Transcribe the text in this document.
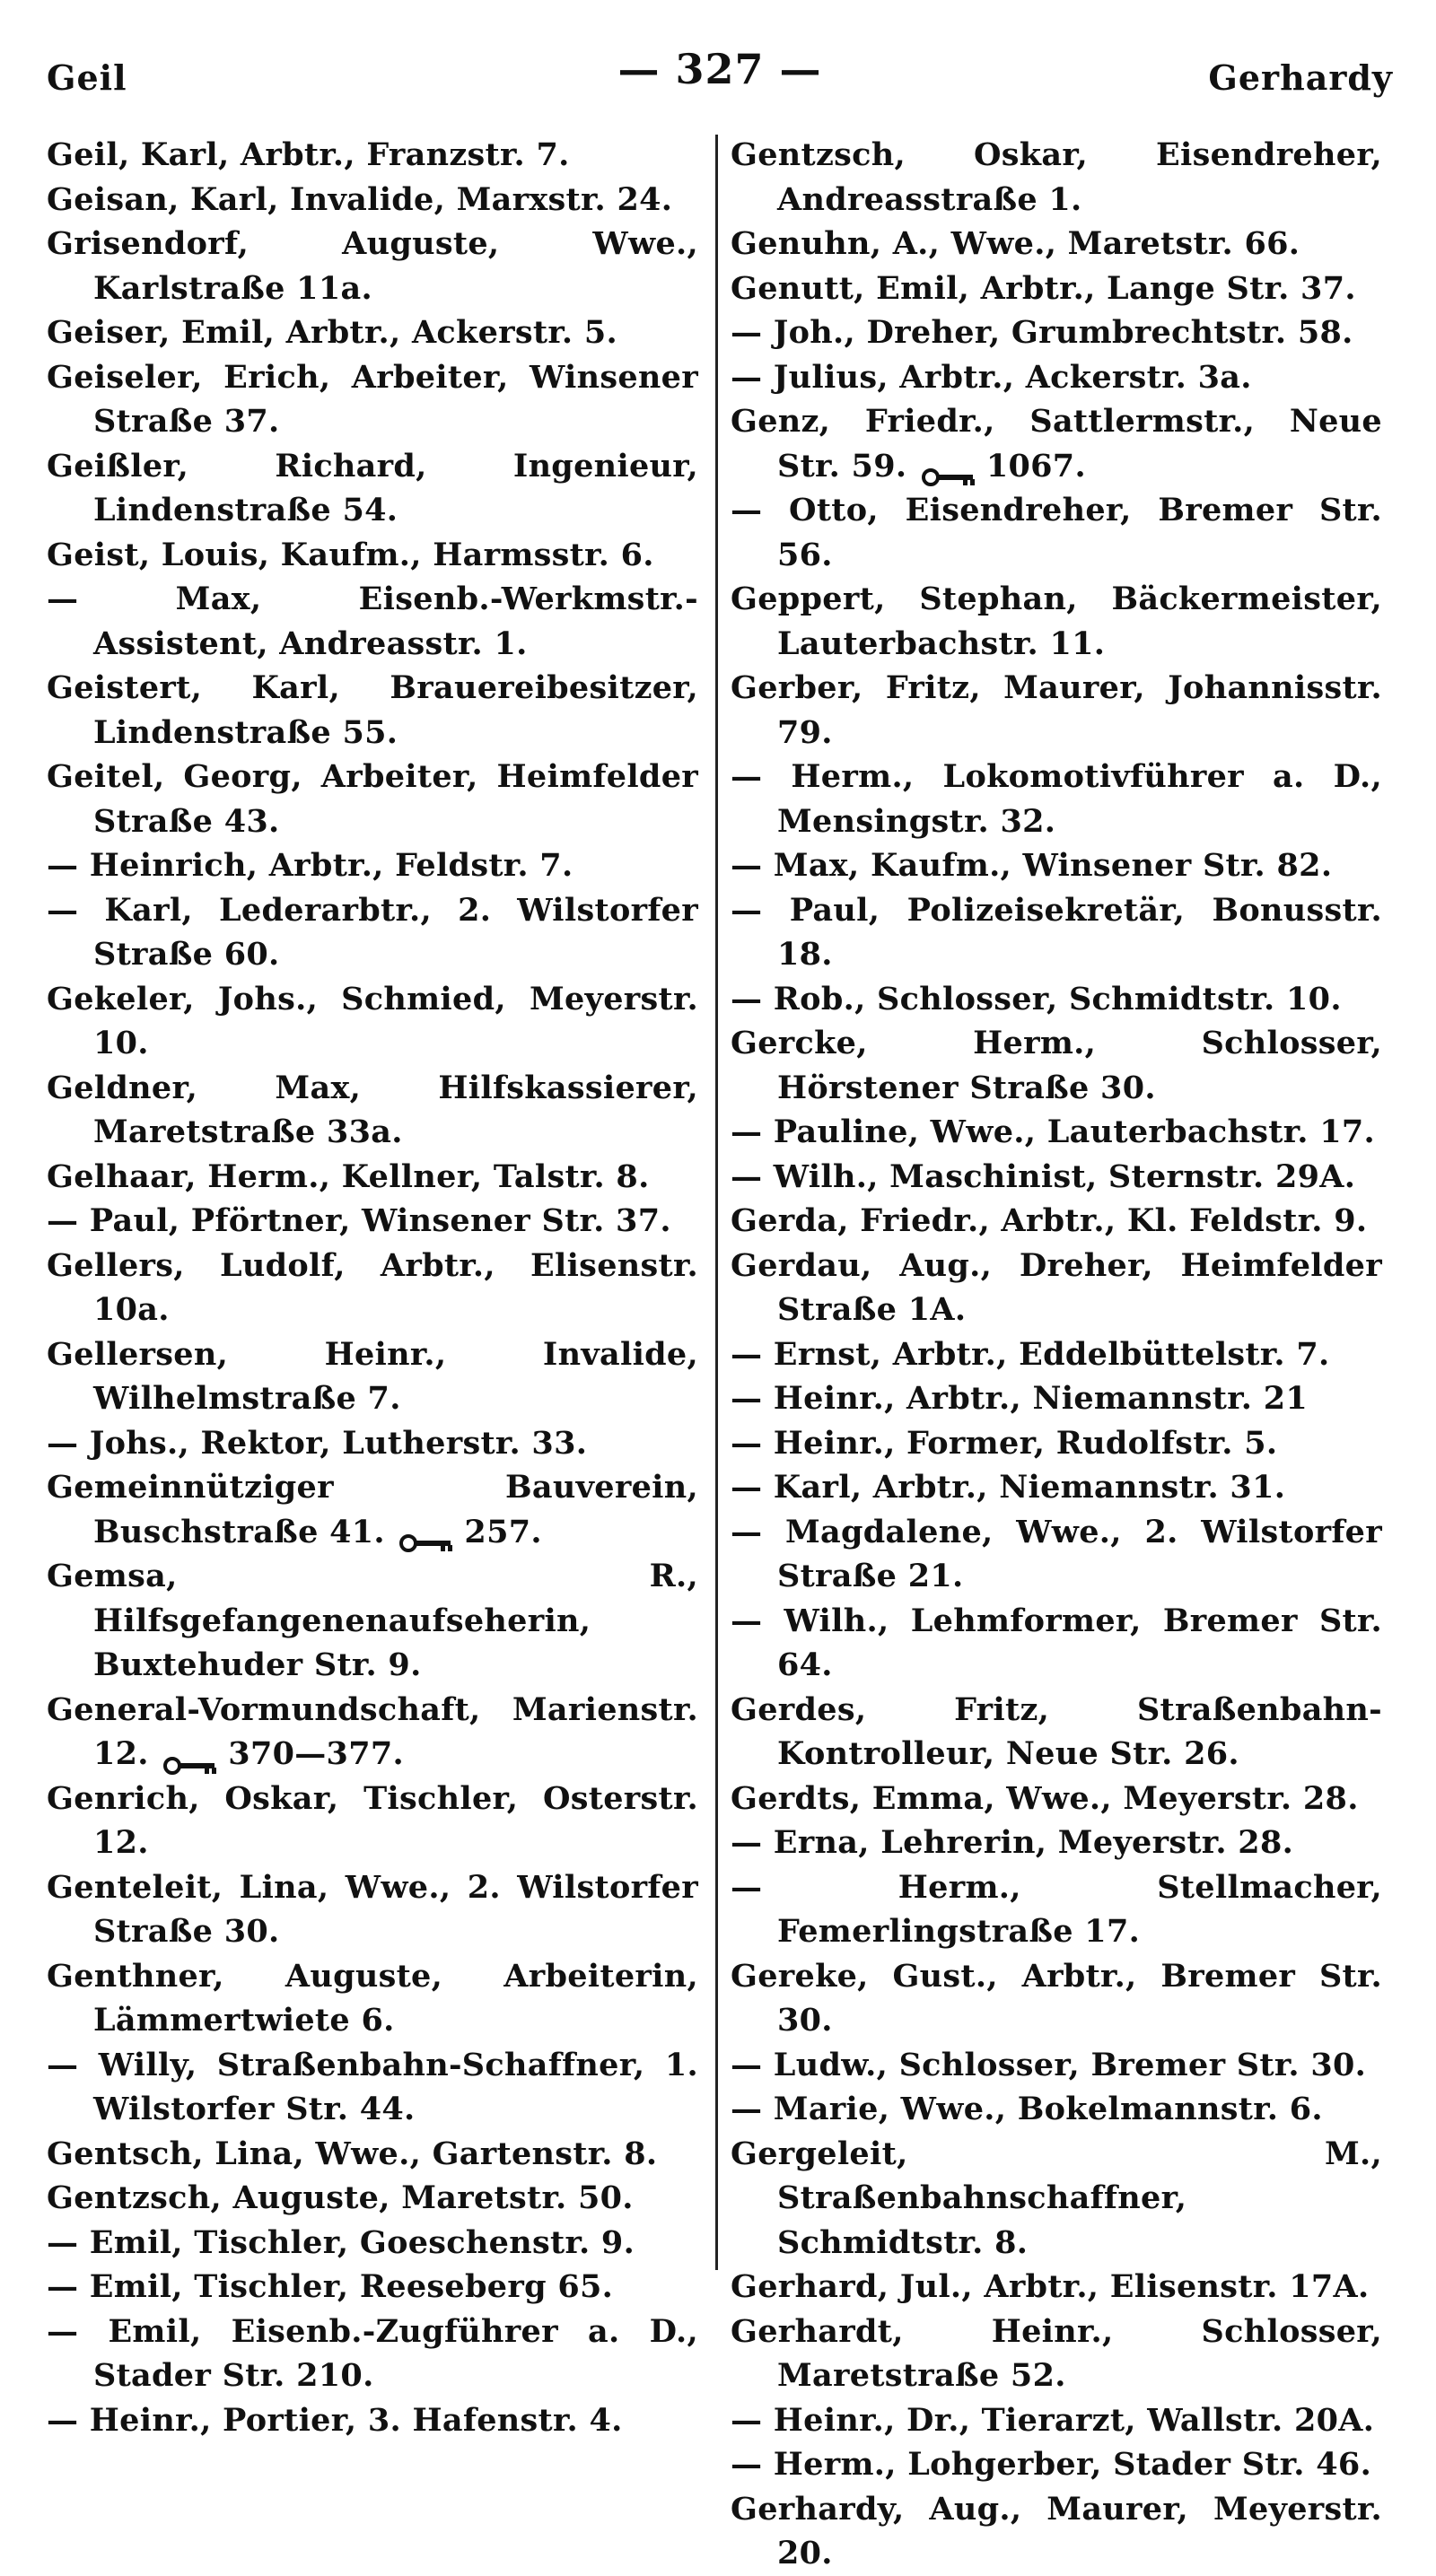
Geil	— 327 —	Gerhardy
Geil, Karl, Arbtr., Franzstr. 7.
Geisan, Karl, Invalide, Marxstr. 24.
Grisendorf, Auguste, Wwe., Karlstraße 11a.
Geiser, Emil, Arbtr., Ackerstr. 5.
Geiseler, Erich, Arbeiter, Winsener Straße 37.
Geißler, Richard, Ingenieur, Lindenstraße 54.
Geist, Louis, Kaufm., Harmsstr. 6.
— Max, Eisenb.-Werkmstr.-Assistent, Andreasstr. 1.
Geistert, Karl, Brauereibesitzer, Lindenstraße 55.
Geitel, Georg, Arbeiter, Heimfelder Straße 43.
— Heinrich, Arbtr., Feldstr. 7.
— Karl, Lederarbtr., 2. Wilstorfer Straße 60.
Gekeler, Johs., Schmied, Meyerstr. 10.
Geldner, Max, Hilfskassierer, Maretstraße 33a.
Gelhaar, Herm., Kellner, Talstr. 8.
— Paul, Pförtner, Winsener Str. 37.
Gellers, Ludolf, Arbtr., Elisenstr. 10a.
Gellersen, Heinr., Invalide, Wilhelmstraße 7.
— Johs., Rektor, Lutherstr. 33.
Gemeinnütziger Bauverein, Buschstraße 41.	257.
Gemsa, R., Hilfsgefangenenaufseherin, Buxtehuder Str. 9.
General-Vormundschaft, Marienstr. 12.	370—377.
Genrich, Oskar, Tischler, Osterstr. 12.
Genteleit, Lina, Wwe., 2. Wilstorfer Straße 30.
Genthner, Auguste, Arbeiterin, Lämmertwiete 6.
— Willy, Straßenbahn-Schaffner, 1. Wilstorfer Str. 44.
Gentsch, Lina, Wwe., Gartenstr. 8.
Gentzsch, Auguste, Maretstr. 50.
— Emil, Tischler, Goeschenstr. 9.
— Emil, Tischler, Reeseberg 65.
— Emil, Eisenb.-Zugführer a. D., Stader Str. 210.
— Heinr., Portier, 3. Hafenstr. 4.
Gentzsch, Oskar, Eisendreher, Andreasstraße 1.
Genuhn, A., Wwe., Maretstr. 66.
Genutt, Emil, Arbtr., Lange Str. 37.
— Joh., Dreher, Grumbrechtstr. 58.
— Julius, Arbtr., Ackerstr. 3a.
Genz, Friedr., Sattlermstr., Neue Str. 59.	1067.
— Otto, Eisendreher, Bremer Str. 56.
Geppert, Stephan, Bäckermeister, Lauterbachstr. 11.
Gerber, Fritz, Maurer, Johannisstr. 79.
— Herm., Lokomotivführer a. D., Mensingstr. 32.
— Max, Kaufm., Winsener Str. 82.
— Paul, Polizeisekretär, Bonusstr. 18.
— Rob., Schlosser, Schmidtstr. 10.
Gercke, Herm., Schlosser, Hörstener Straße 30.
— Pauline, Wwe., Lauterbachstr. 17.
— Wilh., Maschinist, Sternstr. 29A.
Gerda, Friedr., Arbtr., Kl. Feldstr. 9.
Gerdau, Aug., Dreher, Heimfelder Straße 1A.
— Ernst, Arbtr., Eddelbüttelstr. 7.
— Heinr., Arbtr., Niemannstr. 21
— Heinr., Former, Rudolfstr. 5.
— Karl, Arbtr., Niemannstr. 31.
— Magdalene, Wwe., 2. Wilstorfer Straße 21.
— Wilh., Lehmformer, Bremer Str. 64.
Gerdes, Fritz, Straßenbahn-Kontrolleur, Neue Str. 26.
Gerdts, Emma, Wwe., Meyerstr. 28.
— Erna, Lehrerin, Meyerstr. 28.
— Herm., Stellmacher, Femerlingstraße 17.
Gereke, Gust., Arbtr., Bremer Str. 30.
— Ludw., Schlosser, Bremer Str. 30.
— Marie, Wwe., Bokelmannstr. 6.
Gergeleit, M., Straßenbahnschaffner, Schmidtstr. 8.
Gerhard, Jul., Arbtr., Elisenstr. 17A.
Gerhardt, Heinr., Schlosser, Maretstraße 52.
— Heinr., Dr., Tierarzt, Wallstr. 20A.
— Herm., Lohgerber, Stader Str. 46.
Gerhardy, Aug., Maurer, Meyerstr. 20.
